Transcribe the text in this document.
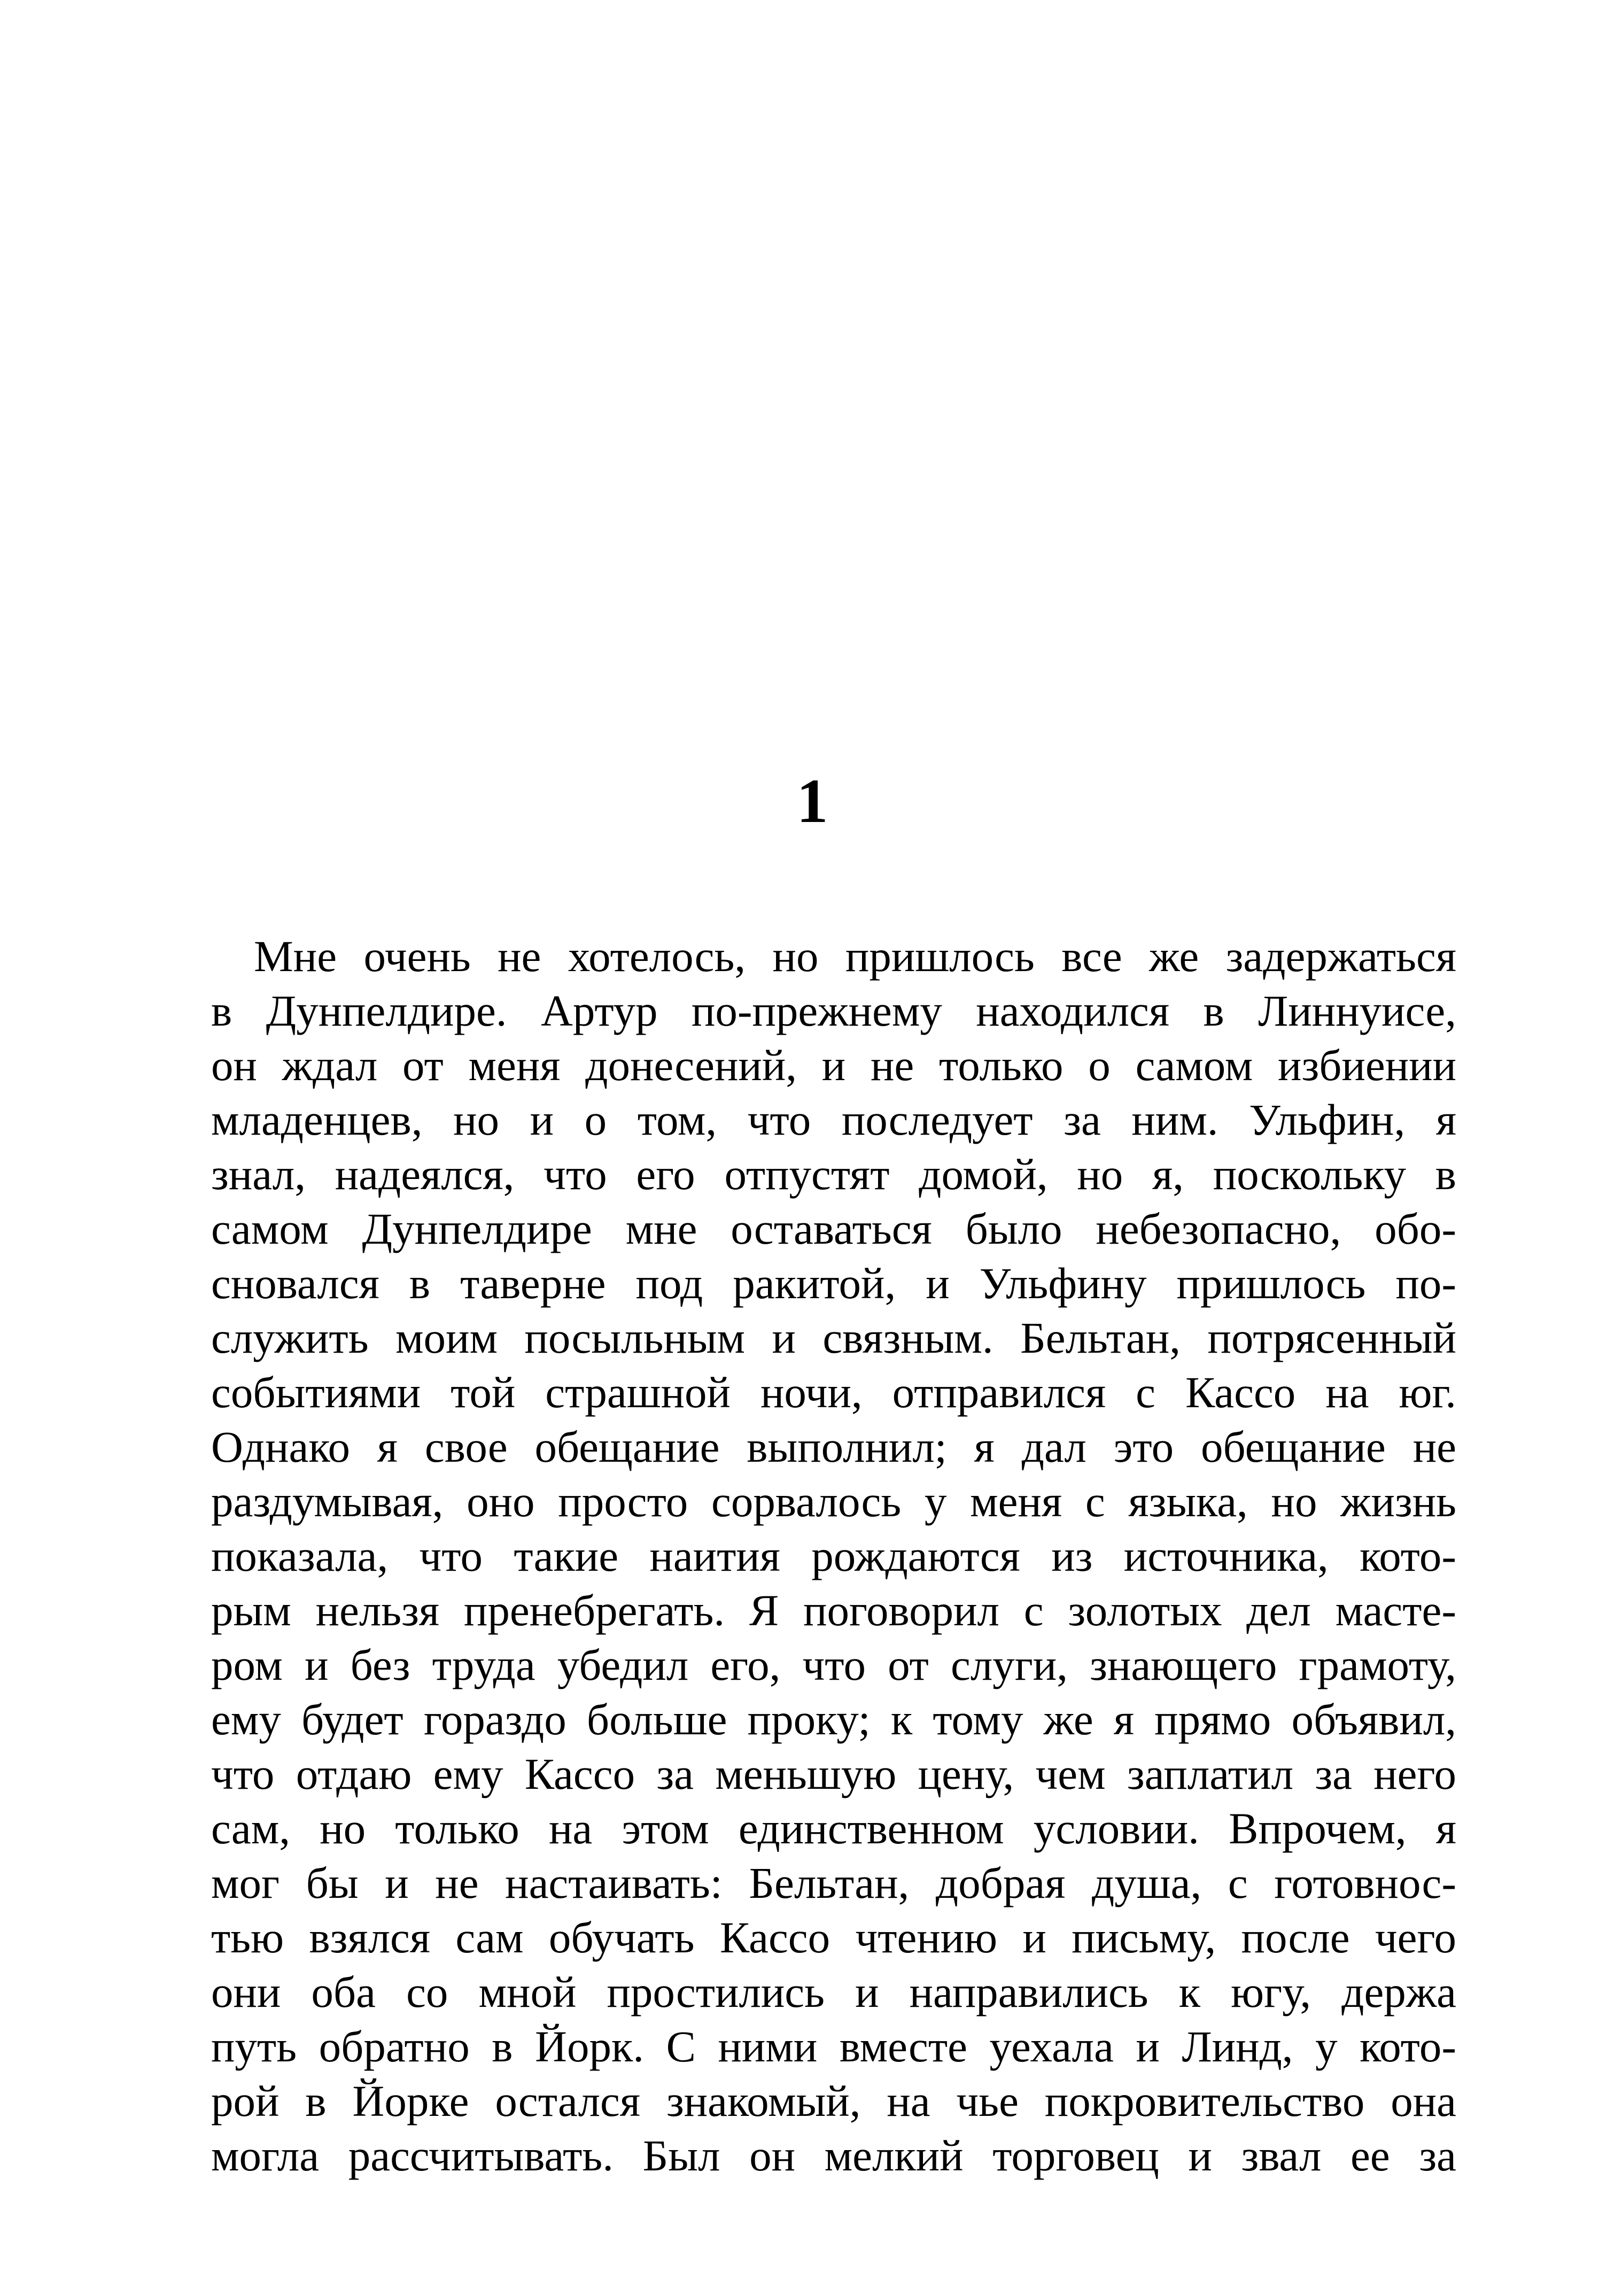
1
Мне очень не хотелось, но пришлось все же задержаться
в Дунпелдире. Артур по-прежнему находился в Линнуисе,
он ждал от меня донесений, и не только о самом избиении
младенцев, но и о том, что последует за ним. Ульфин, я
знал, надеялся, что его отпустят домой, но я, поскольку в
самом Дунпелдире мне оставаться было небезопасно, обо-
сновался в таверне под ракитой, и Ульфину пришлось по-
служить моим посыльным и связным. Бельтан, потрясенный
событиями той страшной ночи, отправился с Кассо на юг.
Однако я свое обещание выполнил; я дал это обещание не
раздумывая, оно просто сорвалось у меня с языка, но жизнь
показала, что такие наития рождаются из источника, кото-
рым нельзя пренебрегать. Я поговорил с золотых дел масте-
ром и без труда убедил его, что от слуги, знающего грамоту,
ему будет гораздо больше проку; к тому же я прямо объявил,
что отдаю ему Кассо за меньшую цену, чем заплатил за него
сам, но только на этом единственном условии. Впрочем, я
мог бы и не настаивать: Бельтан, добрая душа, с готовнос-
тью взялся сам обучать Кассо чтению и письму, после чего
они оба со мной простились и направились к югу, держа
путь обратно в Йорк. С ними вместе уехала и Линд, у кото-
рой в Йорке остался знакомый, на чье покровительство она
могла рассчитывать. Был он мелкий торговец и звал ее за
